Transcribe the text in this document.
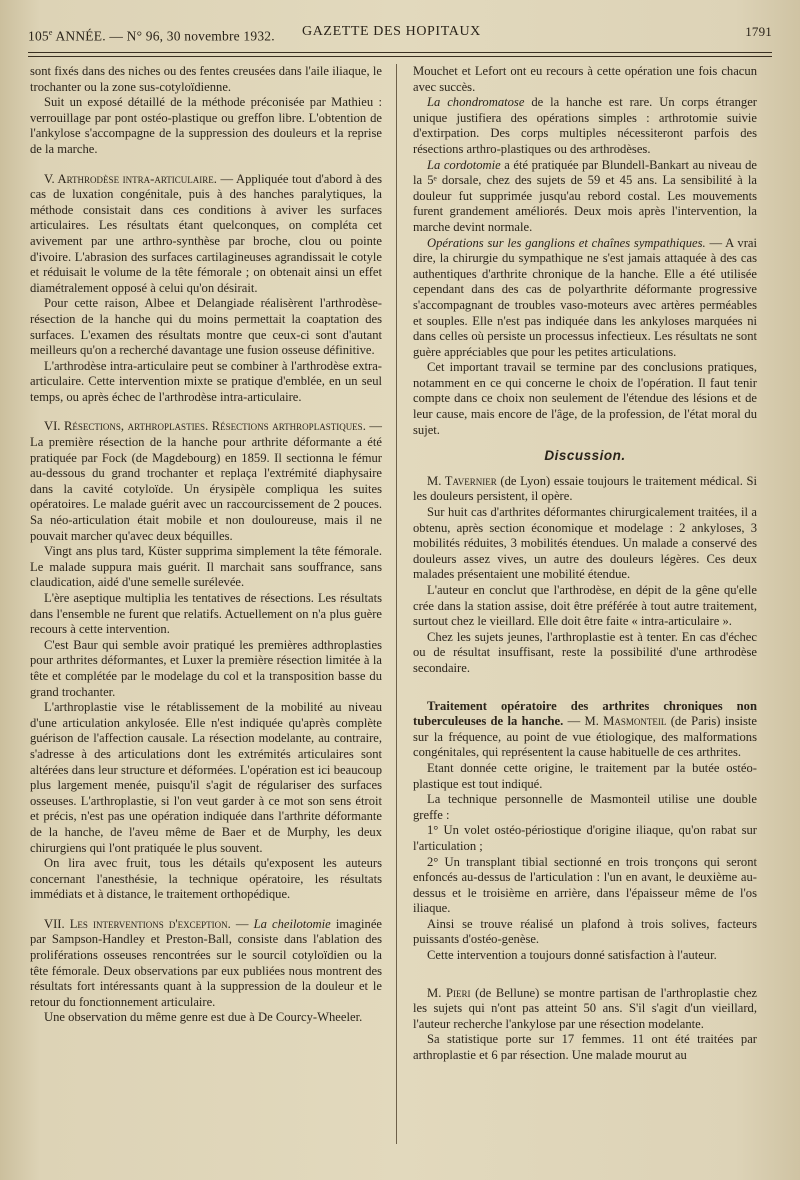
105e ANNÉE. — N° 96, 30 novembre 1932. GAZETTE DES HOPITAUX	1791

sont fixés dans des niches ou des fentes creusées dans l'aile iliaque, le trochanter ou la zone sus-cotyloïdienne.

Suit un exposé détaillé de la méthode préconisée par Mathieu : verrouillage par pont ostéo-plastique ou greffon libre. L'obtention de l'ankylose s'accompagne de la suppression des douleurs et la reprise de la marche.

V. Arthrodèse intra-articulaire. — Appliquée tout d'abord à des cas de luxation congénitale, puis à des hanches paralytiques, la méthode consistait dans ces conditions à aviver les surfaces articulaires. Les résultats étant quelconques, on compléta cet avivement par une arthro-synthèse par broche, clou ou pointe d'ivoire. L'abrasion des surfaces cartilagineuses agrandissait le cotyle et réduisait le volume de la tête fémorale ; on obtenait ainsi un effet diamétralement opposé à celui qu'on désirait.

Pour cette raison, Albee et Delangiade réalisèrent l'arthrodèse-résection de la hanche qui du moins permettait la coaptation des surfaces. L'examen des résultats montre que ceux-ci sont d'autant meilleurs qu'on a recherché davantage une fusion osseuse définitive.

L'arthrodèse intra-articulaire peut se combiner à l'arthrodèse extra-articulaire. Cette intervention mixte se pratique d'emblée, en un seul temps, ou après échec de l'arthrodèse intra-articulaire.

VI. Résections, arthroplasties. Résections arthroplastiques. — La première résection de la hanche pour arthrite déformante a été pratiquée par Fock (de Magdebourg) en 1859. Il sectionna le fémur au-dessous du grand trochanter et replaça l'extrémité diaphysaire dans la cavité cotyloïde. Un érysipèle compliqua les suites opératoires. Le malade guérit avec un raccourcissement de 2 pouces. Sa néo-articulation était mobile et non douloureuse, mais il ne pouvait marcher qu'avec deux béquilles.

Vingt ans plus tard, Küster supprima simplement la tête fémorale. Le malade suppura mais guérit. Il marchait sans souffrance, sans claudication, aidé d'une semelle surélevée.

L'ère aseptique multiplia les tentatives de résections. Les résultats dans l'ensemble ne furent que relatifs. Actuellement on n'a plus guère recours à cette intervention.

C'est Baur qui semble avoir pratiqué les premières adthroplasties pour arthrites déformantes, et Luxer la première résection limitée à la tête et complétée par le modelage du col et la transposition basse du grand trochanter.

L'arthroplastie vise le rétablissement de la mobilité au niveau d'une articulation ankylosée. Elle n'est indiquée qu'après complète guérison de l'affection causale. La résection modelante, au contraire, s'adresse à des articulations dont les extrémités articulaires sont altérées dans leur structure et déformées. L'opération est ici beaucoup plus largement menée, puisqu'il s'agit de régulariser des surfaces osseuses. L'arthroplastie, si l'on veut garder à ce mot son sens étroit et précis, n'est pas une opération indiquée dans l'arthrite déformante de la hanche, de l'aveu même de Baer et de Murphy, les deux chirurgiens qui l'ont pratiquée le plus souvent.

On lira avec fruit, tous les détails qu'exposent les auteurs concernant l'anesthésie, la technique opératoire, les résultats immédiats et à distance, le traitement orthopédique.

VII. Les interventions d'exception. — La cheilotomie imaginée par Sampson-Handley et Preston-Ball, consiste dans l'ablation des proliférations osseuses rencontrées sur le sourcil cotyloïdien ou la tête fémorale. Deux observations par eux publiées nous montrent des résultats fort intéressants quant à la suppression de la douleur et le retour du fonctionnement articulaire.

Une observation du même genre est due à De Courcy-Wheeler.

Mouchet et Lefort ont eu recours à cette opération une fois chacun avec succès.

La chondromatose de la hanche est rare. Un corps étranger unique justifiera des opérations simples : arthrotomie suivie d'extirpation. Des corps multiples nécessiteront parfois des résections arthro-plastiques ou des arthrodèses.

La cordotomie a été pratiquée par Blundell-Bankart au niveau de la 5ᵉ dorsale, chez des sujets de 59 et 45 ans. La sensibilité à la douleur fut supprimée jusqu'au rebord costal. Les mouvements furent grandement améliorés. Deux mois après l'intervention, la marche devint normale.

Opérations sur les ganglions et chaînes sympathiques. — A vrai dire, la chirurgie du sympathique ne s'est jamais attaquée à des cas authentiques d'arthrite chronique de la hanche. Elle a été utilisée cependant dans des cas de polyarthrite déformante progressive s'accompagnant de troubles vaso-moteurs avec artères perméables et souples. Elle n'est pas indiquée dans les ankyloses marquées ni dans celles où persiste un processus infectieux. Les résultats ne sont guère appréciables que pour les petites articulations.

Cet important travail se termine par des conclusions pratiques, notamment en ce qui concerne le choix de l'opération. Il faut tenir compte dans ce choix non seulement de l'étendue des lésions et de leur cause, mais encore de l'âge, de la profession, de l'état moral du sujet.

Discussion.

M. Tavernier (de Lyon) essaie toujours le traitement médical. Si les douleurs persistent, il opère.

Sur huit cas d'arthrites déformantes chirurgicalement traitées, il a obtenu, après section économique et modelage : 2 ankyloses, 3 mobilités réduites, 3 mobilités étendues. Un malade a conservé des douleurs assez vives, un autre des douleurs légères. Ces deux malades présentaient une mobilité étendue.

L'auteur en conclut que l'arthrodèse, en dépit de la gêne qu'elle crée dans la station assise, doit être préférée à tout autre traitement, surtout chez le vieillard. Elle doit être faite « intra-articulaire ».

Chez les sujets jeunes, l'arthroplastie est à tenter. En cas d'échec ou de résultat insuffisant, reste la possibilité d'une arthrodèse secondaire.

Traitement opératoire des arthrites chroniques non tuberculeuses de la hanche. — M. Masmonteil (de Paris) insiste sur la fréquence, au point de vue étiologique, des malformations congénitales, qui représentent la cause habituelle de ces arthrites.

Etant donnée cette origine, le traitement par la butée ostéo-plastique est tout indiqué.

La technique personnelle de Masmonteil utilise une double greffe :

1° Un volet ostéo-périostique d'origine iliaque, qu'on rabat sur l'articulation ;

2° Un transplant tibial sectionné en trois tronçons qui seront enfoncés au-dessus de l'articulation : l'un en avant, le deuxième au-dessus et le troisième en arrière, dans l'épaisseur même de l'os iliaque.

Ainsi se trouve réalisé un plafond à trois solives, facteurs puissants d'ostéo-genèse.

Cette intervention a toujours donné satisfaction à l'auteur.

M. Pieri (de Bellune) se montre partisan de l'arthroplastie chez les sujets qui n'ont pas atteint 50 ans. S'il s'agit d'un vieillard, l'auteur recherche l'ankylose par une résection modelante.

Sa statistique porte sur 17 femmes. 11 ont été traitées par arthroplastie et 6 par résection. Une malade mourut au
